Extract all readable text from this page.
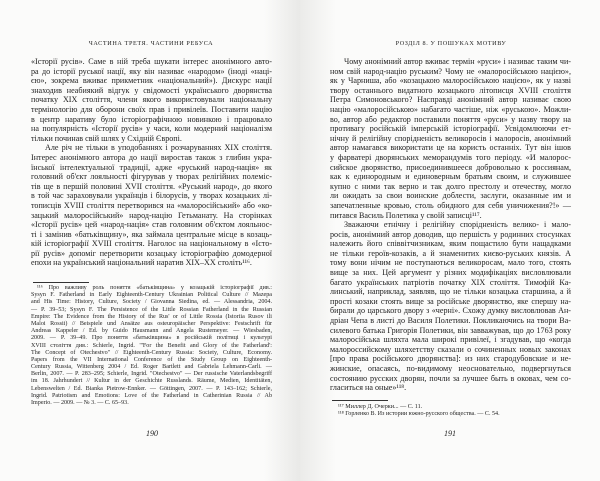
ЧАСТИНА ТРЕТЯ. ЧАСТИНИ РЕБУСА
«Історії русів». Саме в ній треба шукати інтерес анонімного авто-
ра до історії руської нації, яку він називає «народом» (іноді «наці-
єю», зокрема вживає прикметник «національний»). Дискурс нації
знаходив неабиякий відгук у свідомості українського дворянства
початку XIX століття, члени якого використовували національну
термінологію для оборони своїх прав і привілеїв. Поставити націю
в центр наративу було історіографічною новинкою і працювало
на популярність «Історії русів» у часи, коли модерний націоналізм
тільки починав свій шлях у Східній Європі.
Але річ не тільки в уподобаннях і розчаруваннях XIX століття.
Інтерес анонімного автора до нації виростав також з глибин укра-
їнської інтелектуальної традиції, адже «руський народ-нація» як
головний об'єкт лояльності фігурував у творах релігійних полеміс-
тів ще в першій половині XVII століття. «Руський народ», до якого
в той час зараховували українців і білорусів, у творах козацьких лі-
тописців XVIII століття перетворився на «малоросійський» або «ко-
зацький малоросійський» народ-націю Гетьманату. На сторінках
«Історії русів» цей «народ-нація» став головним об'єктом лояльнос-
ті і замінив «батьківщину», яка займала центральне місце в козаць-
кій історіографії XVIII століття. Наголос на національному в «Істо-
рії русів» допоміг перетворити козацьку історіографію домодерної
епохи на український національний наратив XIX–XX століть¹¹⁶.
¹¹⁶ Про важливу роль поняття «батьківщина» у козацькій історіографії див.:
Sysyn F. Fatherland in Early Eighteenth-Century Ukrainian Political Culture // Mazepa
and His Time: History, Culture, Society / Giovanna Siedina, ed. — Alessandria, 2004.
— P. 39–53; Sysyn F. The Persistence of the Little Rossian Fatherland in the Russian
Empire: The Evidence from the History of the Rus' or of Little Rossia (Istoriia Rusov ili
Maloi Rossii) // Beispiele und Ansätze aus osteuropäischer Perspektive: Festschrift für
Andreas Kappeler / Ed. by Guido Hausmann and Angela Rustemeyer. — Wiesbaden,
2009. — P. 39–49. Про поняття «батьківщина» в російській політиці і культурі
XVIII століття див.: Schierle, Ingrid. "'For the Benefit and Glory of the Fatherland':
The Concept of Otechestvo" // Eighteenth-Century Russia: Society, Culture, Economy.
Papers from the VII International Conference of the Study Group on Eighteenth-
Century Russia, Wittenberg 2004 / Ed. Roger Bartlett and Gabriela Lehmann-Carli. —
Berlin, 2007. — P. 283–295; Schierle, Ingrid. "Otechestvo" — Der russische Vaterlandsbegriff
im 18. Jahrhundert // Kultur in der Geschichte Russlands. Räume, Medien, Identitäten,
Lebenswelten / Ed. Bianka Pietrow-Ennker. — Göttingen, 2007. — P. 143–162; Schierle,
Ingrid. Patriotism and Emotions: Love of the Fatherland in Catherinian Russia // Ab
Imperio. — 2009. — № 3. — C. 65–93.
190
РОЗДІЛ 8. У ПОШУКАХ МОТИВУ
Чому анонімний автор вживає термін «руси» і називає таким чи-
ном свій народ-націю руським? Чому не «малоросійською нацією»,
як у Чарниша, або «козацькою малоросійською нацією», як у назві
твору останнього видатного козацького літописця XVIII століття
Петра Симоновського? Насправді анонімний автор називає свою
націю «малоросійською» набагато частіше, ніж «руською». Можли-
во, автор або редактор поставили поняття «руси» у назву твору на
противагу російській імперській історіографії. Усвідомлюючи ет-
нічну й релігійну спорідненість великоросів і малоросів, анонімний
автор намагався використати це на користь останніх. Тут він ішов
у фарватері дворянських меморандумів того періоду. «И малорос-
сийское дворянство, присоединившееся добровольно к россиянам,
как к единородным и единоверным братьям своим, и служившее
купно с ними так верно и так долго престолу и отечеству, могло
ли ожидать за свои воинские доблести, заслуги, оказанные им и
запечатленные кровью, столь обидного для себя уничижения?!» —
питався Василь Полетика у своїй записці¹¹⁷.
Зважаючи етнічну і релігійну спорідненість велико- і мало-
росів, анонімний автор доводив, що першість у родинних стосунках
належить його співвітчизникам, яким пощастило бути нащадками
не тільки героїв-козаків, а й знаменитих києво-руських князів. А
тому вони нічим не поступаються великоросам, мало того, стоять
вище за них. Цей аргумент у різних модифікаціях висловлювали
багато українських патріотів початку XIX століття. Тимофій Ка-
линський, наприклад, заявляв, що не тільки козацька старшина, а й
прості козаки стоять вище за російське дворянство, яке спершу на-
бирали до царського двору з «черні». Схожу думку висловлював Ан-
дріан Чепа в листі до Василя Полетики. Покликаючись на твори Ва-
силевого батька Григорія Полетики, він завважував, що до 1763 року
малоросійська шляхта мала широкі привілеї, і згадував, що «когда
малороссийскому шляхетству сказали о сочиненных новых законах
[про права російського дворянства]: из них стародубовские и не-
жинские, опасаясь, по-видимому неосновательно, подвергнуться
состоянию русских дворян, почли за лучшее быть в оковах, чем со-
гласиться на оные»¹¹⁸.
¹¹⁷ Миллер Д. Очерки... — С. 11.
¹¹⁸ Горленко В. Из истории южно-русского общества. — С. 54.
191
